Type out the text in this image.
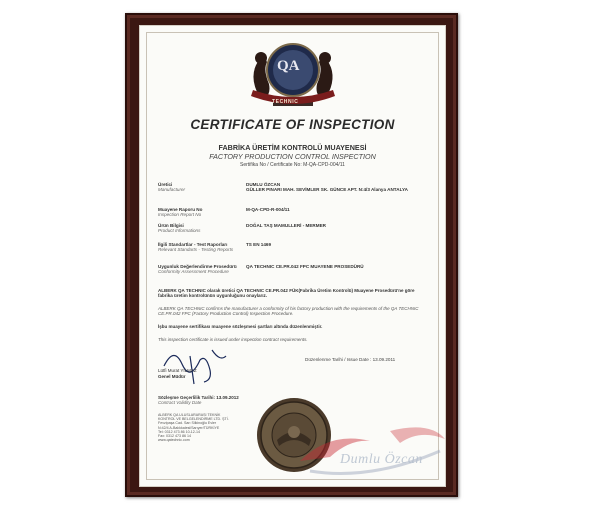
QA
TECHNIC
CERTIFICATE OF INSPECTION
FABRİKA ÜRETİM KONTROLÜ MUAYENESİ
FACTORY PRODUCTION CONTROL INSPECTION
Sertifika No / Certificate No: M-QA-CPD-004/11
Üretici
Manufacturer
DUMLU ÖZCAN
GÜLLER PINARI MAH. SEVİMLER SK. GÜNCE APT. N:4/3 Alanya ANTALYA
Muayene Raporu No
Inspection Report No
M-QA-CPD-R-004/11
Ürün Bilgisi
Product Informations
DOĞAL TAŞ MAMULLERİ - MERMER
İlgili Standartlar - Test Raporları
Relevant Standarts - Testing Reports
TS EN 1469
Uygunluk Değerlendirme Prosedürü
Conformity Assessment Procedure
QA TECHNIC CE.PR.042 FPC MUAYENE PROSEDÜRÜ
ALBERK QA TECHNIC olarak üretici QA TECHNIC CE.PR.042 FÜK(Fabrika Üretim Kontrolü) Muayene Prosedürü'ne göre fabrika üretim kontrolünün uygunluğunu onaylarız.
ALBERK QA TECHNIC confirms the manufacturer a conformity of his factory production with the requirements of the QA TECHNIC CE.PR.042 FPC (Factory Production Control) Inspection Procedure.
İşbu muayene sertifikası muayene sözleşmesi şartları altında düzenlenmiştir.
This inspection certificate is issued under inspection contract requirements.
Düzenlenme Tarihi / Issue Date : 13.09.2011
Lütfi Murat YILMAZ
Genel Müdür
Sözleşme Geçerlilik Tarihi: 13.09.2012
Contract Validity Date
ALBERK QA ULUSLARARASI TEKNİK
KONTROL VE BELGELENDİRME LTD. ŞTİ.
Fevzipaşa Cad. Sarı Silkinoğlu Evler
N:42/4 A-Balıkkalesi/Sarıyer/TÜRKİYE
Tel: 0312 473 86 10-12-14
Fax: 0312 473 86 14
www.qatechnic.com
Dumlu Özcan
